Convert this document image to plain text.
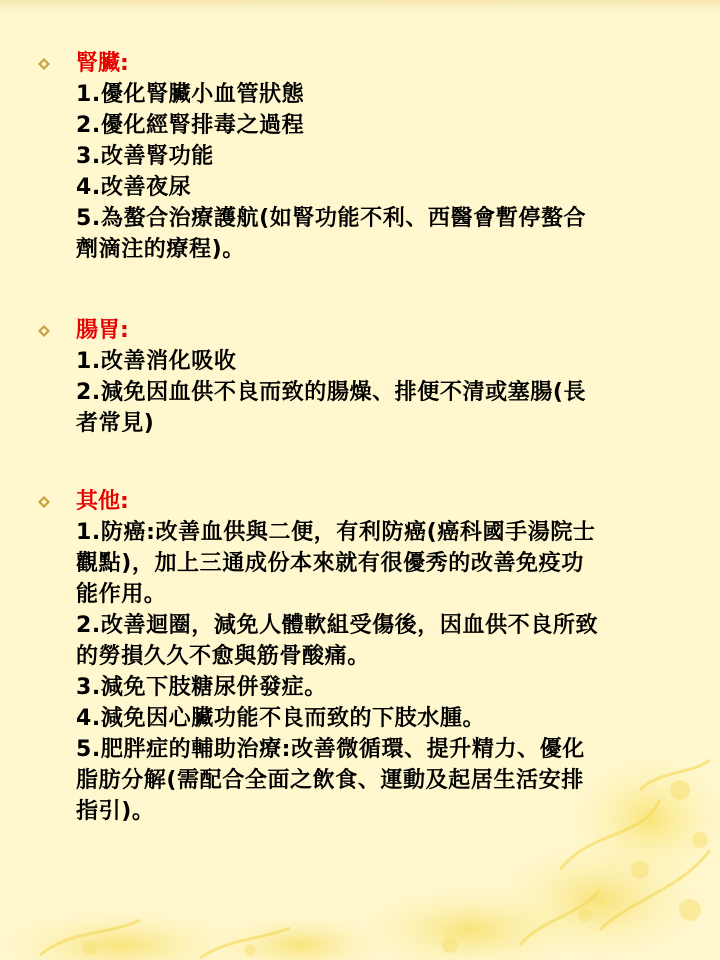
腎臟:
1.優化腎臟小血管狀態
2.優化經腎排毒之過程
3.改善腎功能
4.改善夜尿
5.為螯合治療護航(如腎功能不利、西醫會暫停螯合
劑滴注的療程)。
腸胃:
1.改善消化吸收
2.減免因血供不良而致的腸燥、排便不清或塞腸(長
者常見)
其他:
1.防癌:改善血供與二便，有利防癌(癌科國手湯院士
觀點)，加上三通成份本來就有很優秀的改善免疫功
能作用。
2.改善迴圈，減免人體軟組受傷後，因血供不良所致
的勞損久久不愈與筋骨酸痛。
3.減免下肢糖尿併發症。
4.減免因心臟功能不良而致的下肢水腫。
5.肥胖症的輔助治療:改善微循環、提升精力、優化
脂肪分解(需配合全面之飲食、運動及起居生活安排
指引)。
